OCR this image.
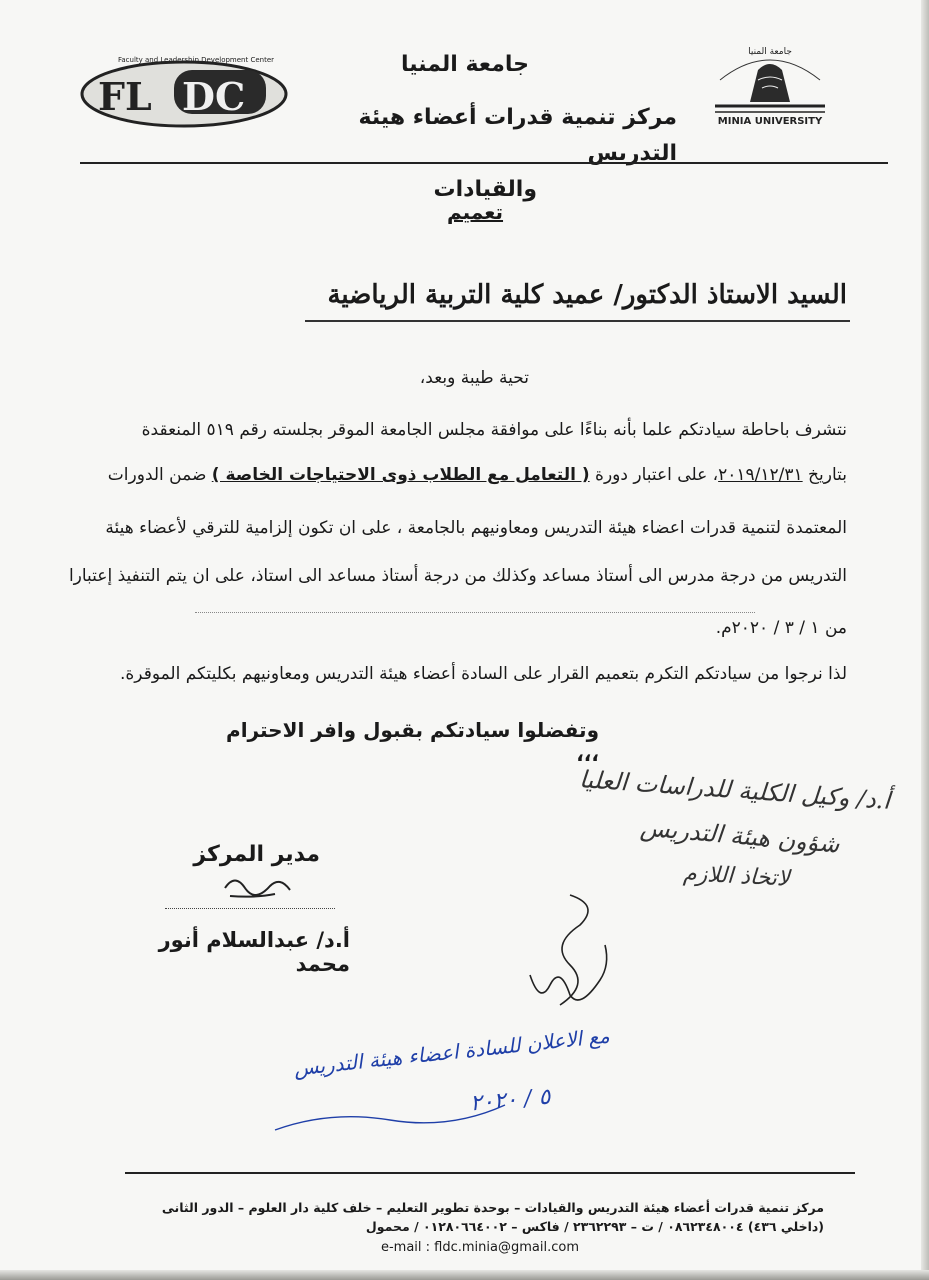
FL DC
Faculty and Leadership Development Center
جامعة المنيا
MINIA UNIVERSITY
جامعة المنيا
مركز تنمية قدرات أعضاء هيئة التدريس
والقيادات
تعميم
السيد الاستاذ الدكتور/ عميد كلية التربية الرياضية
تحية طيبة وبعد،
نتشرف باحاطة سيادتكم علما بأنه بناءًا على موافقة مجلس الجامعة الموقر بجلسته رقم ٥١٩ المنعقدة
بتاريخ ٢٠١٩/١٢/٣١، على اعتبار دورة ( التعامل مع الطلاب ذوى الاحتياجات الخاصة ) ضمن الدورات
المعتمدة لتنمية قدرات اعضاء هيئة التدريس ومعاونيهم بالجامعة ، على ان تكون إلزامية للترقي لأعضاء هيئة
التدريس من درجة مدرس الى أستاذ مساعد وكذلك من درجة أستاذ مساعد الى استاذ، على ان يتم التنفيذ إعتبارا
من ١ / ٣ / ٢٠٢٠م.
لذا نرجوا من سيادتكم التكرم بتعميم القرار على السادة أعضاء هيئة التدريس ومعاونيهم بكليتكم الموقرة.
وتفضلوا سيادتكم بقبول وافر الاحترام ،،،
أ.د/ وكيل الكلية للدراسات العليا
شؤون هيئة التدريس
لاتخاذ اللازم
مدير المركز
أ.د/ عبدالسلام أنور محمد
مع الاعلان للسادة اعضاء هيئة التدريس
٥ / ٢٠٢٠
مركز تنمية قدرات أعضاء هيئة التدريس والقيادات – بوحدة تطوير التعليم – خلف كلية دار العلوم – الدور الثانى
(داخلي ٤٣٦) ٠٨٦٢٣٤٨٠٠٤ / ت – ٢٣٦٢٢٩٣ / فاكس – ٠١٢٨٠٦٦٤٠٠٢ / محمول
e-mail : fldc.minia@gmail.com
